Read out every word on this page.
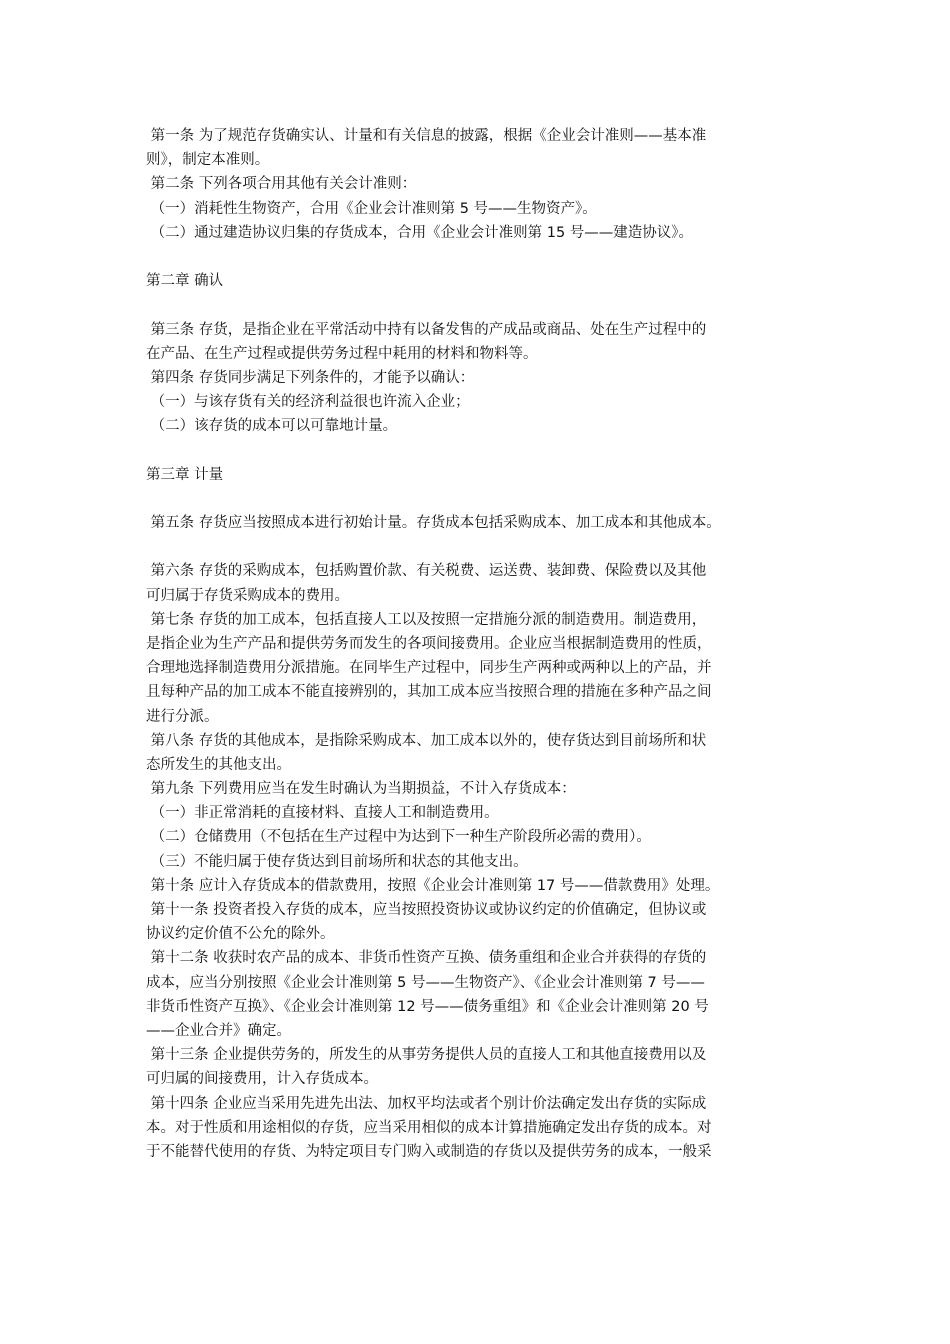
第一条 为了规范存货确实认、计量和有关信息的披露，根据《企业会计准则——基本准
则》，制定本准则。
第二条 下列各项合用其他有关会计准则：
（一）消耗性生物资产，合用《企业会计准则第 5 号——生物资产》。
（二）通过建造协议归集的存货成本，合用《企业会计准则第 15 号——建造协议》。
第二章 确认
第三条 存货，是指企业在平常活动中持有以备发售的产成品或商品、处在生产过程中的
在产品、在生产过程或提供劳务过程中耗用的材料和物料等。
第四条 存货同步满足下列条件的，才能予以确认：
（一）与该存货有关的经济利益很也许流入企业；
（二）该存货的成本可以可靠地计量。
第三章 计量
第五条 存货应当按照成本进行初始计量。存货成本包括采购成本、加工成本和其他成本。
第六条 存货的采购成本，包括购置价款、有关税费、运送费、装卸费、保险费以及其他
可归属于存货采购成本的费用。
第七条 存货的加工成本，包括直接人工以及按照一定措施分派的制造费用。制造费用，
是指企业为生产产品和提供劳务而发生的各项间接费用。企业应当根据制造费用的性质，
合理地选择制造费用分派措施。在同毕生产过程中，同步生产两种或两种以上的产品，并
且每种产品的加工成本不能直接辨别的，其加工成本应当按照合理的措施在多种产品之间
进行分派。
第八条 存货的其他成本，是指除采购成本、加工成本以外的，使存货达到目前场所和状
态所发生的其他支出。
第九条 下列费用应当在发生时确认为当期损益，不计入存货成本：
（一）非正常消耗的直接材料、直接人工和制造费用。
（二）仓储费用（不包括在生产过程中为达到下一种生产阶段所必需的费用）。
（三）不能归属于使存货达到目前场所和状态的其他支出。
第十条 应计入存货成本的借款费用，按照《企业会计准则第 17 号——借款费用》处理。
第十一条 投资者投入存货的成本，应当按照投资协议或协议约定的价值确定，但协议或
协议约定价值不公允的除外。
第十二条 收获时农产品的成本、非货币性资产互换、债务重组和企业合并获得的存货的
成本，应当分别按照《企业会计准则第 5 号——生物资产》、《企业会计准则第 7 号——
非货币性资产互换》、《企业会计准则第 12 号——债务重组》和《企业会计准则第 20 号
——企业合并》确定。
第十三条 企业提供劳务的，所发生的从事劳务提供人员的直接人工和其他直接费用以及
可归属的间接费用，计入存货成本。
第十四条 企业应当采用先进先出法、加权平均法或者个别计价法确定发出存货的实际成
本。对于性质和用途相似的存货，应当采用相似的成本计算措施确定发出存货的成本。对
于不能替代使用的存货、为特定项目专门购入或制造的存货以及提供劳务的成本，一般采
